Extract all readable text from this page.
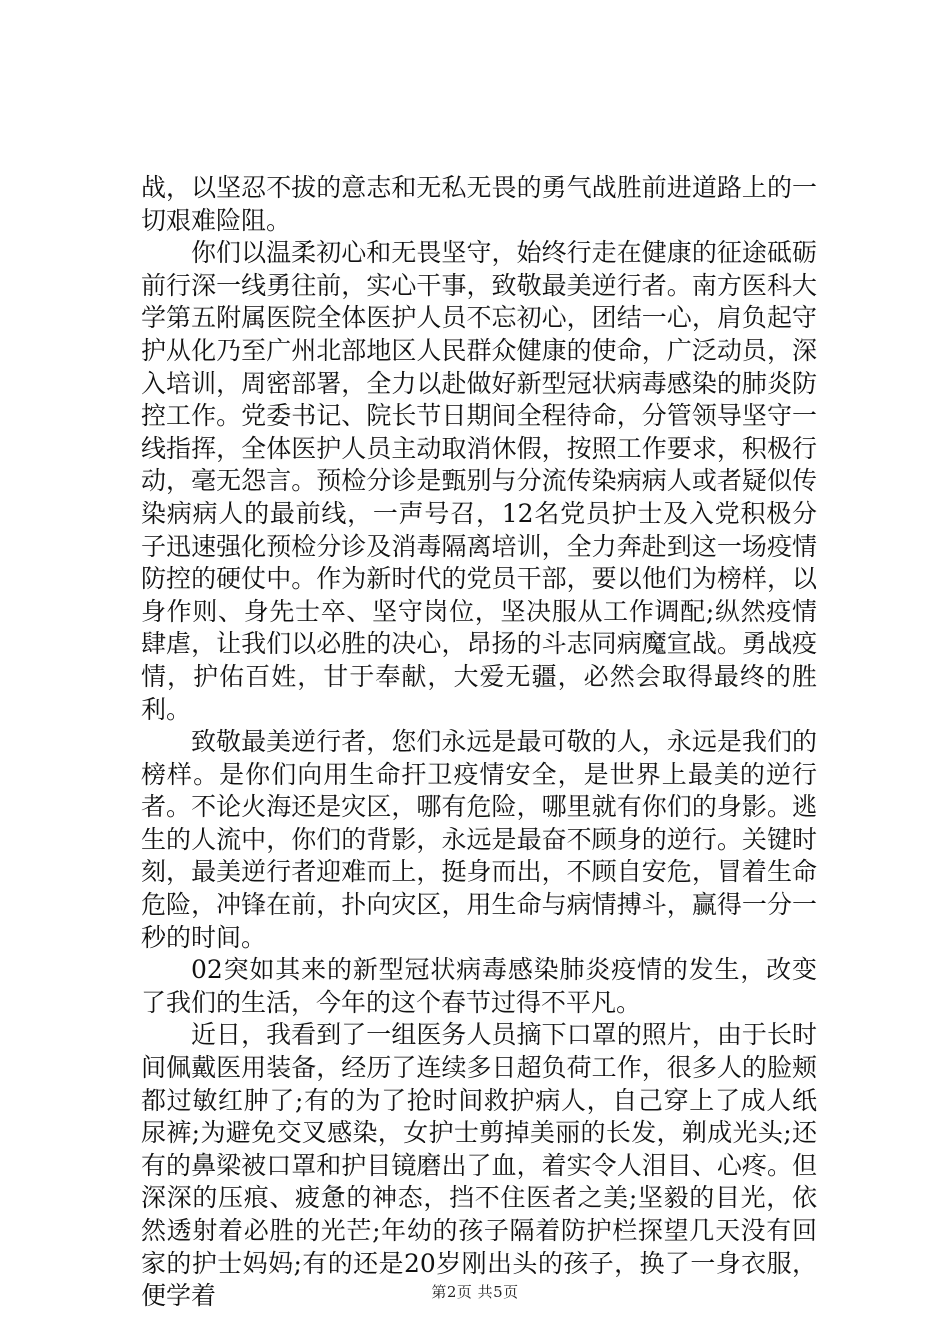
战，以坚忍不拔的意志和无私无畏的勇气战胜前进道路上的一切艰难险阻。

你们以温柔初心和无畏坚守，始终行走在健康的征途砥砺前行深一线勇往前，实心干事，致敬最美逆行者。南方医科大学第五附属医院全体医护人员不忘初心，团结一心，肩负起守护从化乃至广州北部地区人民群众健康的使命，广泛动员，深入培训，周密部署，全力以赴做好新型冠状病毒感染的肺炎防控工作。党委书记、院长节日期间全程待命，分管领导坚守一线指挥，全体医护人员主动取消休假，按照工作要求，积极行动，毫无怨言。预检分诊是甄别与分流传染病病人或者疑似传染病病人的最前线，一声号召，12名党员护士及入党积极分子迅速强化预检分诊及消毒隔离培训，全力奔赴到这一场疫情防控的硬仗中。作为新时代的党员干部，要以他们为榜样，以身作则、身先士卒、坚守岗位，坚决服从工作调配;纵然疫情肆虐，让我们以必胜的决心，昂扬的斗志同病魔宣战。勇战疫情，护佑百姓，甘于奉献，大爱无疆，必然会取得最终的胜利。

致敬最美逆行者，您们永远是最可敬的人，永远是我们的榜样。是你们向用生命扞卫疫情安全，是世界上最美的逆行者。不论火海还是灾区，哪有危险，哪里就有你们的身影。逃生的人流中，你们的背影，永远是最奋不顾身的逆行。关键时刻，最美逆行者迎难而上，挺身而出，不顾自安危，冒着生命危险，冲锋在前，扑向灾区，用生命与病情搏斗，赢得一分一秒的时间。

02突如其来的新型冠状病毒感染肺炎疫情的发生，改变了我们的生活，今年的这个春节过得不平凡。

近日，我看到了一组医务人员摘下口罩的照片，由于长时间佩戴医用装备，经历了连续多日超负荷工作，很多人的脸颊都过敏红肿了;有的为了抢时间救护病人，自己穿上了成人纸尿裤;为避免交叉感染，女护士剪掉美丽的长发，剃成光头;还有的鼻梁被口罩和护目镜磨出了血，着实令人泪目、心疼。但深深的压痕、疲惫的神态，挡不住医者之美;坚毅的目光，依然透射着必胜的光芒;年幼的孩子隔着防护栏探望几天没有回家的护士妈妈;有的还是20岁刚出头的孩子，换了一身衣服，便学着	第2页 共5页
